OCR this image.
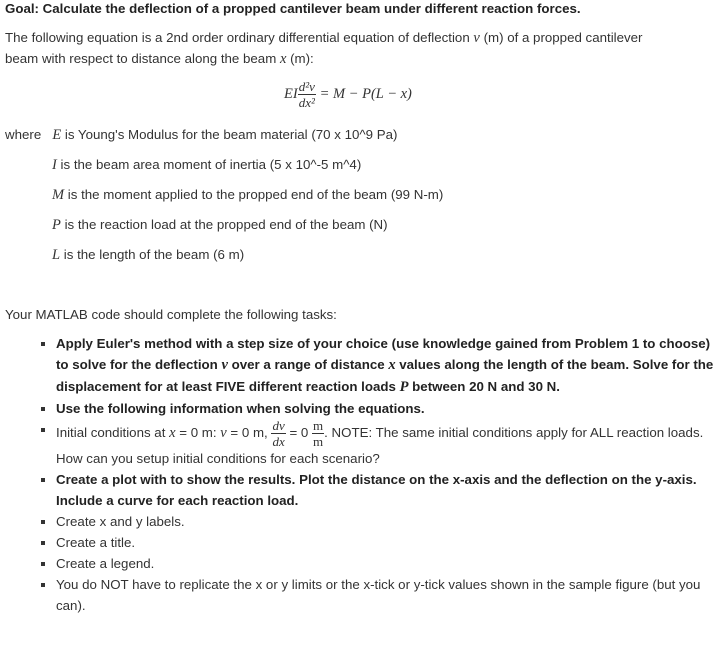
Goal: Calculate the deflection of a propped cantilever beam under different reaction forces.
The following equation is a 2nd order ordinary differential equation of deflection v (m) of a propped cantilever
beam with respect to distance along the beam x (m):
EI $\frac{\text{d²v}}{\text{dx²}} = M - P(L - x)$
where E is Young's Modulus for the beam material (70 x 10^9 Pa)
I is the beam area moment of inertia (5 x 10^-5 m^4)
M is the moment applied to the propped end of the beam (99 N-m)
P is the reaction load at the propped end of the beam (N)
L is the length of the beam (6 m)
Your MATLAB code should complete the following tasks:
Apply Euler's method with a step size of your choice (use knowledge gained from Problem 1 to choose) to solve for the deflection v over a range of distance x values along the length of the beam. Solve for the displacement for at least FIVE different reaction loads P between 20 N and 30 N.
Use the following information when solving the equations.
Initial conditions at x = 0 m: v = 0 m, $\frac{dv}{dx} = 0 \frac{m}{m}$ . NOTE: The same initial conditions apply for ALL reaction loads. How can you setup initial conditions for each scenario?
Create a plot with to show the results. Plot the distance on the x-axis and the deflection on the y-axis. Include a curve for each reaction load.
Create x and y labels.
Create a title.
Create a legend.
You do NOT have to replicate the x or y limits or the x-tick or y-tick values shown in the sample figure (but you can).
